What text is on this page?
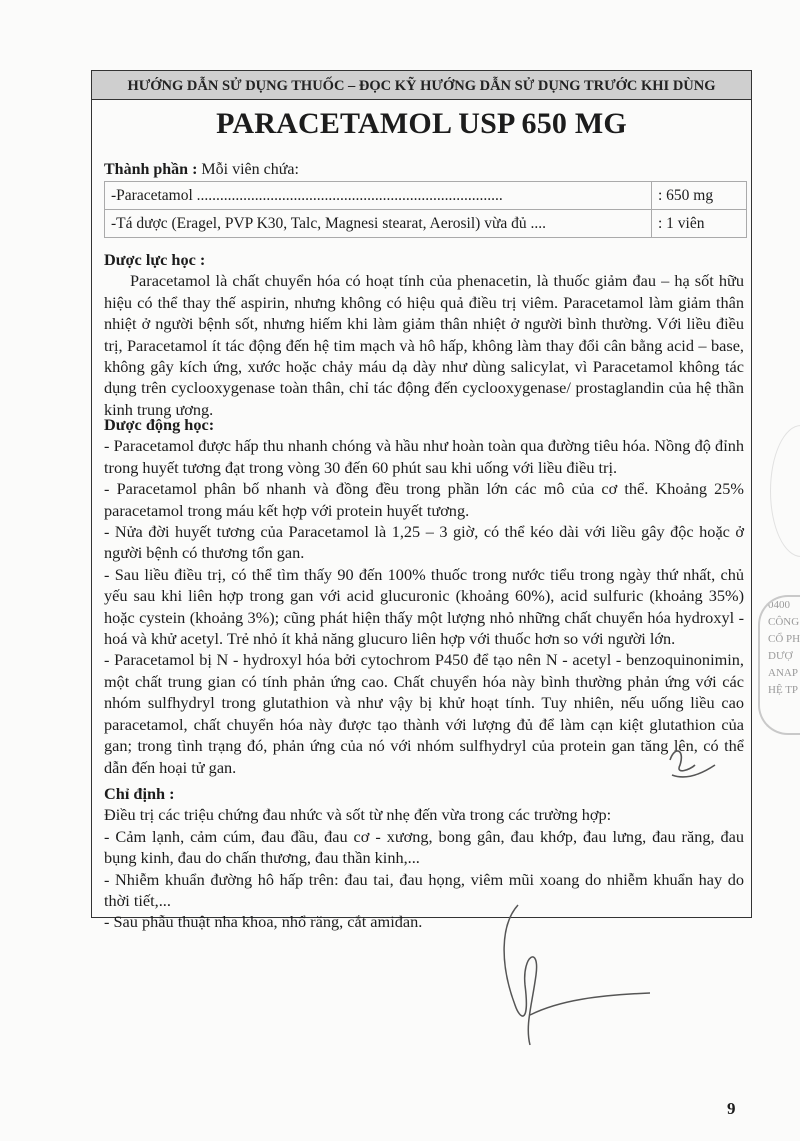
HƯỚNG DẪN SỬ DỤNG THUỐC – ĐỌC KỸ HƯỚNG DẪN SỬ DỤNG TRƯỚC KHI DÙNG
PARACETAMOL USP 650 MG
Thành phần : Mỗi viên chứa:
-Paracetamol ...............................................................................	: 650 mg
-Tá dược (Eragel, PVP K30, Talc, Magnesi stearat, Aerosil) vừa đủ ....	: 1 viên
Dược lực học :

Paracetamol là chất chuyển hóa có hoạt tính của phenacetin, là thuốc giảm đau – hạ sốt hữu hiệu có thể thay thế aspirin, nhưng không có hiệu quả điều trị viêm. Paracetamol làm giảm thân nhiệt ở người bệnh sốt, nhưng hiếm khi làm giảm thân nhiệt ở người bình thường. Với liều điều trị, Paracetamol ít tác động đến hệ tim mạch và hô hấp, không làm thay đổi cân bằng acid – base, không gây kích ứng, xước hoặc chảy máu dạ dày như dùng salicylat, vì Paracetamol không tác dụng trên cyclooxygenase toàn thân, chỉ tác động đến cyclooxygenase/ prostaglandin của hệ thần kinh trung ương.

Dược động học:

- Paracetamol được hấp thu nhanh chóng và hầu như hoàn toàn qua đường tiêu hóa. Nồng độ đỉnh trong huyết tương đạt trong vòng 30 đến 60 phút sau khi uống với liều điều trị.

- Paracetamol phân bố nhanh và đồng đều trong phần lớn các mô của cơ thể. Khoảng 25% paracetamol trong máu kết hợp với protein huyết tương.

- Nửa đời huyết tương của Paracetamol là 1,25 – 3 giờ, có thể kéo dài với liều gây độc hoặc ở người bệnh có thương tổn gan.

- Sau liều điều trị, có thể tìm thấy 90 đến 100% thuốc trong nước tiểu trong ngày thứ nhất, chủ yếu sau khi liên hợp trong gan với acid glucuronic (khoảng 60%), acid sulfuric (khoảng 35%) hoặc cystein (khoảng 3%); cũng phát hiện thấy một lượng nhỏ những chất chuyển hóa hydroxyl - hoá và khử acetyl. Trẻ nhỏ ít khả năng glucuro liên hợp với thuốc hơn so với người lớn.

- Paracetamol bị N - hydroxyl hóa bởi cytochrom P450 để tạo nên N - acetyl - benzoquinonimin, một chất trung gian có tính phản ứng cao. Chất chuyển hóa này bình thường phản ứng với các nhóm sulfhydryl trong glutathion và như vậy bị khử hoạt tính. Tuy nhiên, nếu uống liều cao paracetamol, chất chuyển hóa này được tạo thành với lượng đủ để làm cạn kiệt glutathion của gan; trong tình trạng đó, phản ứng của nó với nhóm sulfhydryl của protein gan tăng lên, có thể dẫn đến hoại tử gan.

Chỉ định :

Điều trị các triệu chứng đau nhức và sốt từ nhẹ đến vừa trong các trường hợp:

- Cảm lạnh, cảm cúm, đau đầu, đau cơ - xương, bong gân, đau khớp, đau lưng, đau răng, đau bụng kinh, đau do chấn thương, đau thần kinh,...

- Nhiễm khuẩn đường hô hấp trên: đau tai, đau họng, viêm mũi xoang do nhiễm khuẩn hay do thời tiết,...

- Sau phẫu thuật nha khoa, nhổ răng, cắt amiđan.

0400
CÔNG
CỔ PH
DƯỢ
ANAP
HỆ TP
9
